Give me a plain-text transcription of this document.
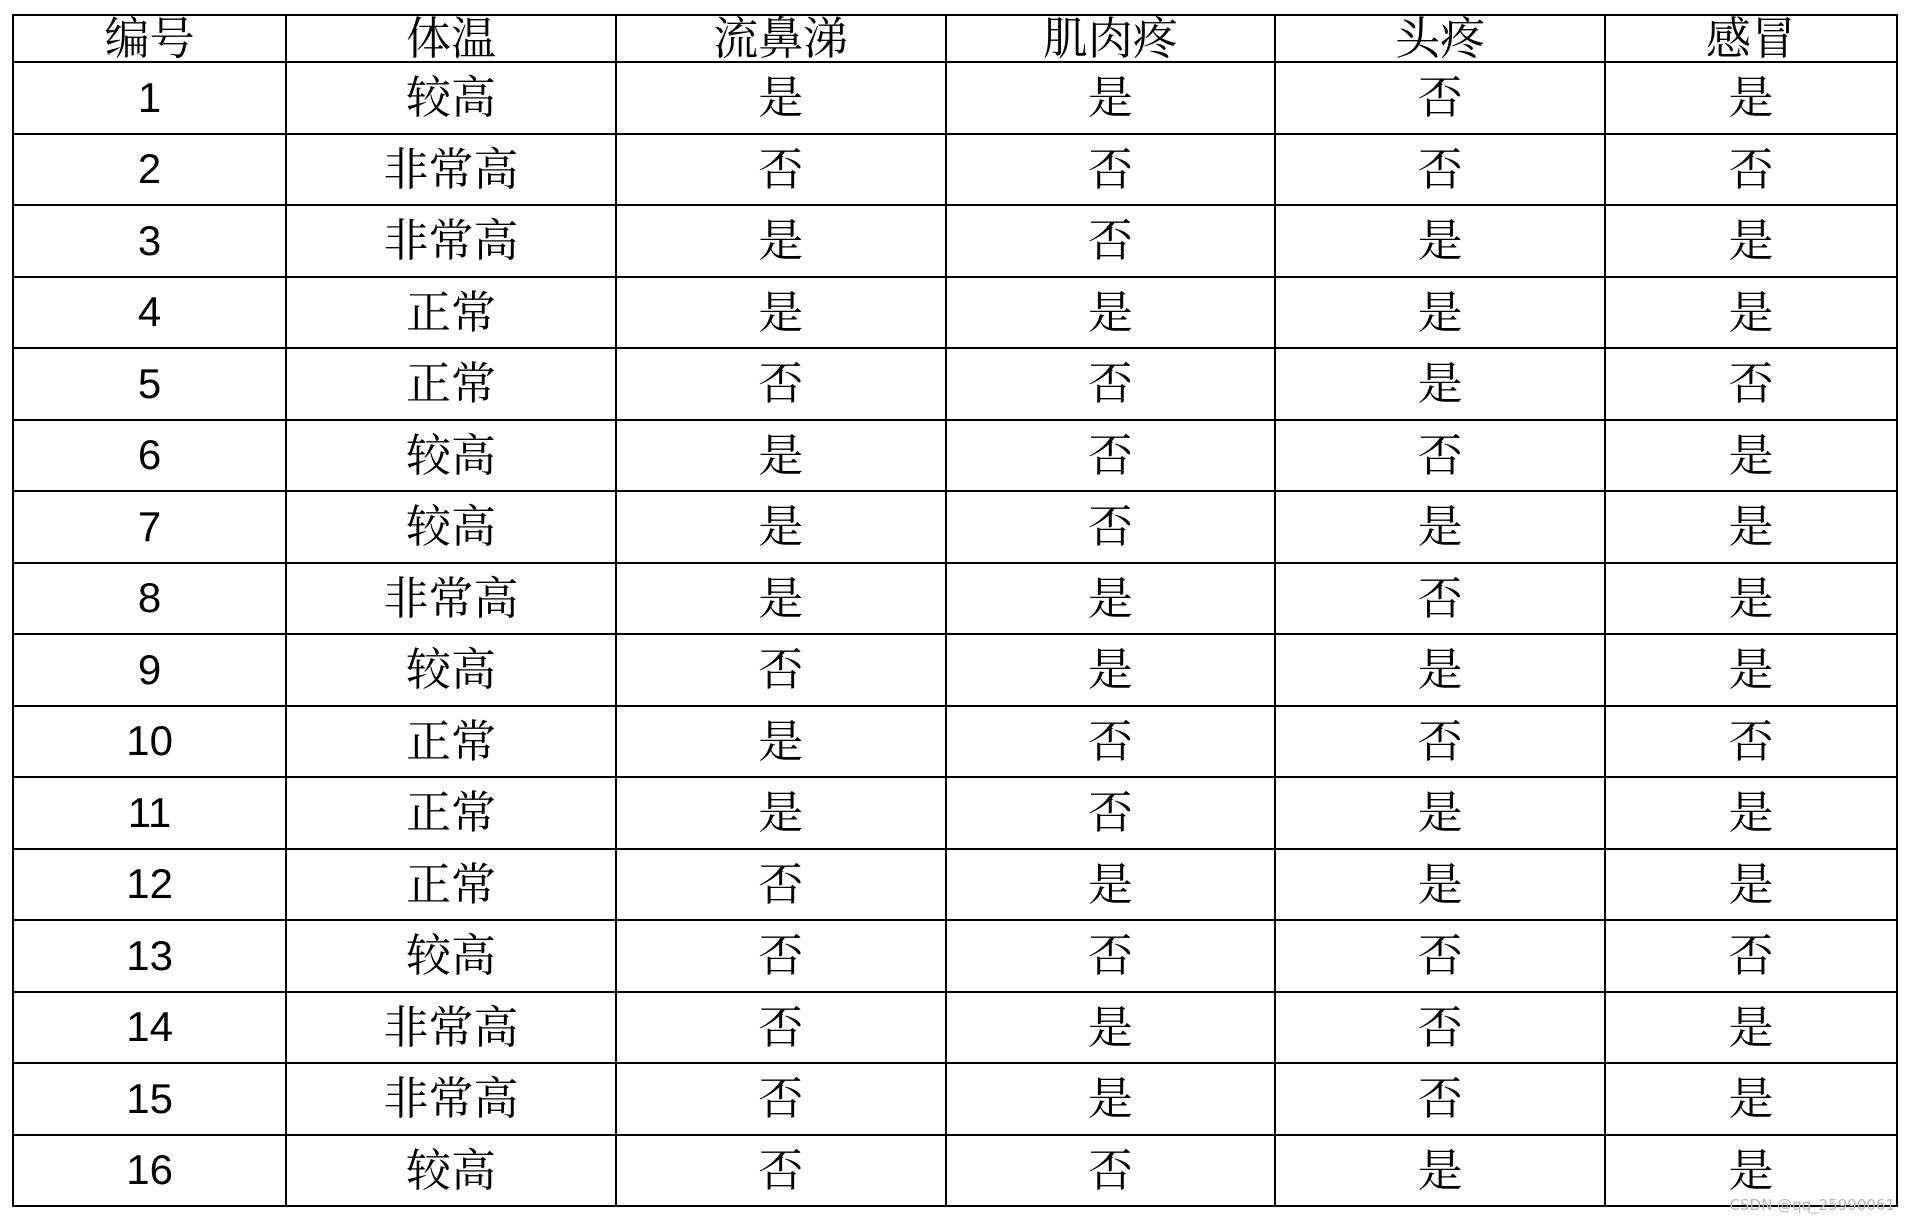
编号	体温	流鼻涕	肌肉疼	头疼	感冒
1	较高	是	是	否	是
2	非常高	否	否	否	否
3	非常高	是	否	是	是
4	正常	是	是	是	是
5	正常	否	否	是	否
6	较高	是	否	否	是
7	较高	是	否	是	是
8	非常高	是	是	否	是
9	较高	否	是	是	是
10	正常	是	否	否	否
11	正常	是	否	是	是
12	正常	否	是	是	是
13	较高	否	否	否	否
14	非常高	否	是	否	是
15	非常高	否	是	否	是
16	较高	否	否	是	是
CSDN @qq_25990061
